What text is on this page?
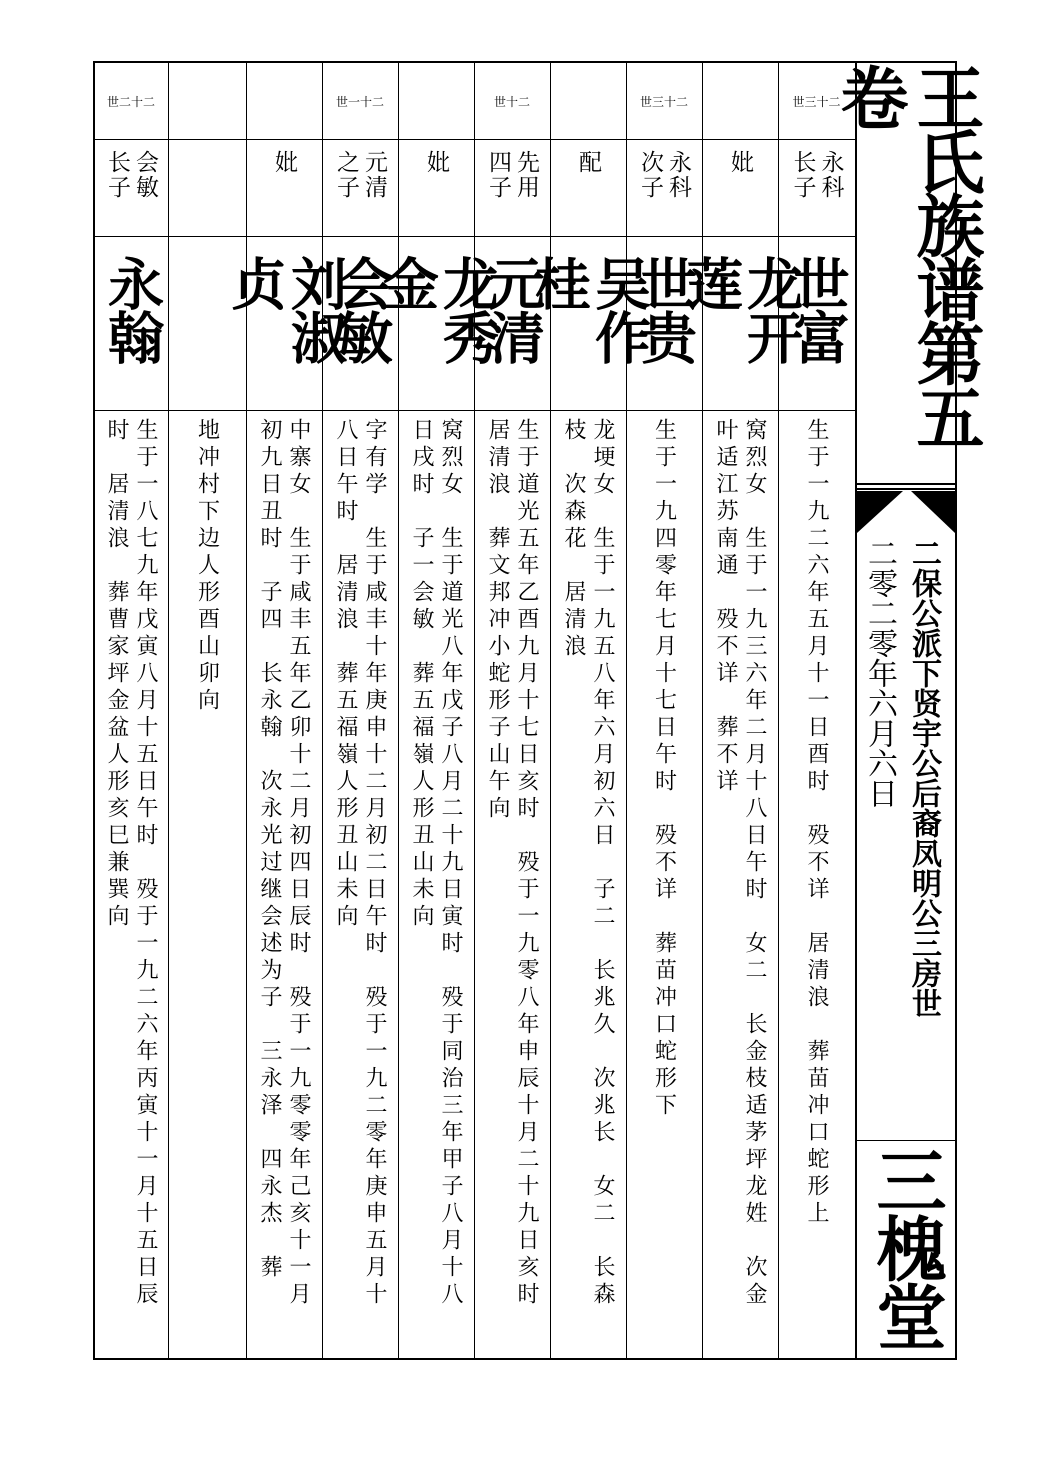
王氏族谱第五卷
二保公派下贤宇公后裔凤明公三房世
二零二零年六月六日
三槐堂
二十三世
永科
长子
世富
生于一九二六年五月十一日酉时　殁不详　居清浪　葬苗冲口蛇形上
妣
龙开莲
窝烈女　生于一九三六年二月十八日午时　女二　长金枝适茅坪龙姓　次金
叶适江苏南通　殁不详　葬不详
二十三世
永科
次子
世贵
生于一九四零年七月十七日午时　殁不详　葬苗冲口蛇形下
配
吴作桂
龙埂女　生于一九五八年六月初六日　子二　长兆久　次兆长　女二　长森
枝　次森花　居清浪
二十世
先用
四子
元清
生于道光五年乙酉九月十七日亥时　殁于一九零八年申辰十月二十九日亥时
居清浪　葬文邦冲小蛇形子山午向
妣
龙秀金
窝烈女　生于道光八年戊子八月二十九日寅时　殁于同治三年甲子八月十八
日戌时　子一会敏　葬五福嶺人形丑山未向
二十一世
元清
之子
会敏
字有学　生于咸丰十年庚申十二月初二日午时　殁于一九二零年庚申五月十
八日午时　居清浪　葬五福嶺人形丑山未向
妣
刘淑贞
中寨女　生于咸丰五年乙卯十二月初四日辰时　殁于一九零零年己亥十一月
初九日丑时　子四　长永翰　次永光过继会述为子　三永泽　四永杰　葬
地冲村下边人形酉山卯向
二十二世
会敏
长子
永翰
生于一八七九年戊寅八月十五日午时　殁于一九二六年丙寅十一月十五日辰
时　居清浪　葬曹家坪金盆人形亥巳兼巽向
